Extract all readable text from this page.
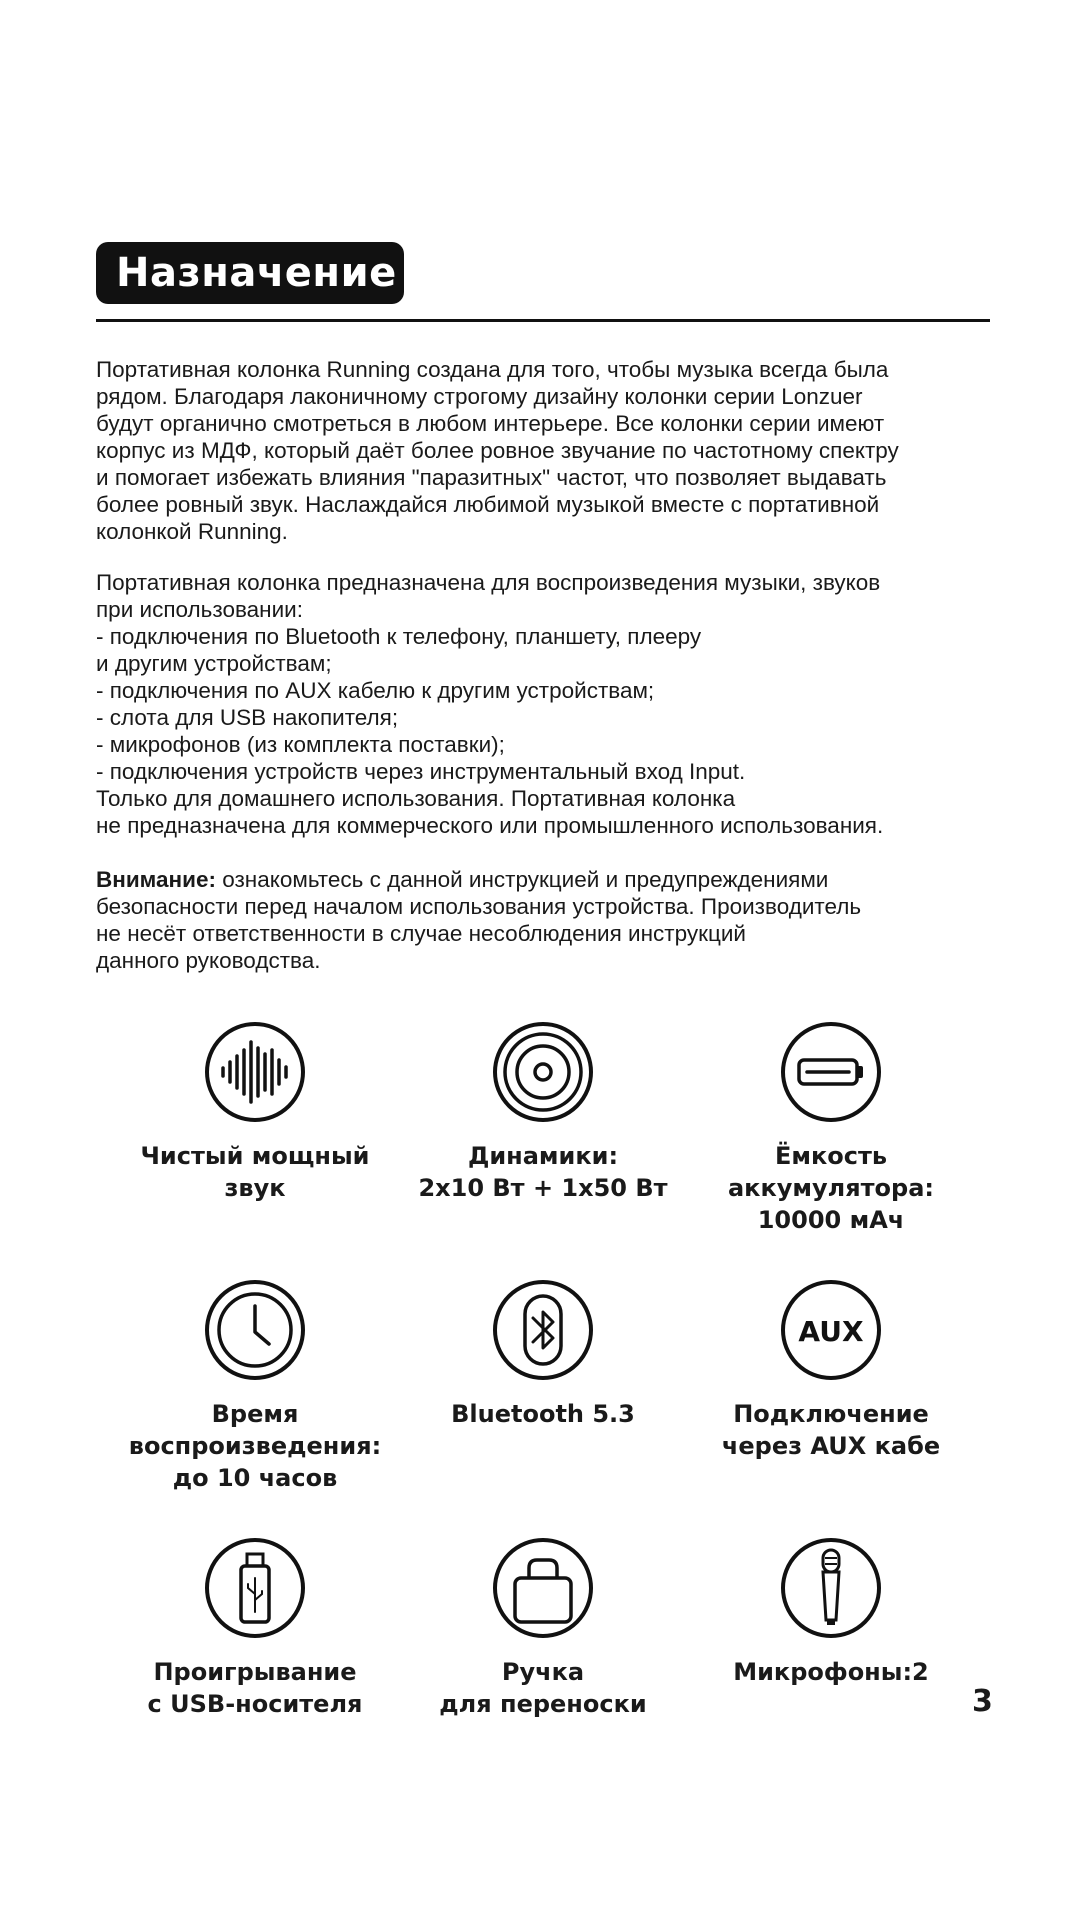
Назначение

Портативная колонка Running создана для того, чтобы музыка всегда была

рядом. Благодаря лаконичному строгому дизайну колонки серии Lonzuer

будут органично смотреться в любом интерьере. Все колонки серии имеют

корпус из МДФ, который даёт более ровное звучание по частотному спектру

и помогает избежать влияния "паразитных" частот, что позволяет выдавать

более ровный звук. Наслаждайся любимой музыкой вместе с портативной

колонкой Running.

Портативная колонка предназначена для воспроизведения музыки, звуков

при использовании:

- подключения по Bluetooth к телефону, планшету, плееру

и другим устройствам;

- подключения по AUX кабелю к другим устройствам;

- слота для USB накопителя;

- микрофонов (из комплекта поставки);

- подключения устройств через инструментальный вход Input.

Только для домашнего использования. Портативная колонка

не предназначена для коммерческого или промышленного использования.

Внимание: ознакомьтесь с данной инструкцией и предупреждениями

безопасности перед началом использования устройства. Производитель

не несёт ответственности в случае несоблюдения инструкций

данного руководства.

Чистый мощный
звук
Динамики:
2x10 Вт + 1x50 Вт
Ёмкость
аккумулятора:
10000 мАч
Время
воспроизведения:
до 10 часов
Bluetooth 5.3
AUX
Подключение
через AUX кабе
Проигрывание
с USB-носителя
Ручка
для переноски
Микрофоны:2
3
